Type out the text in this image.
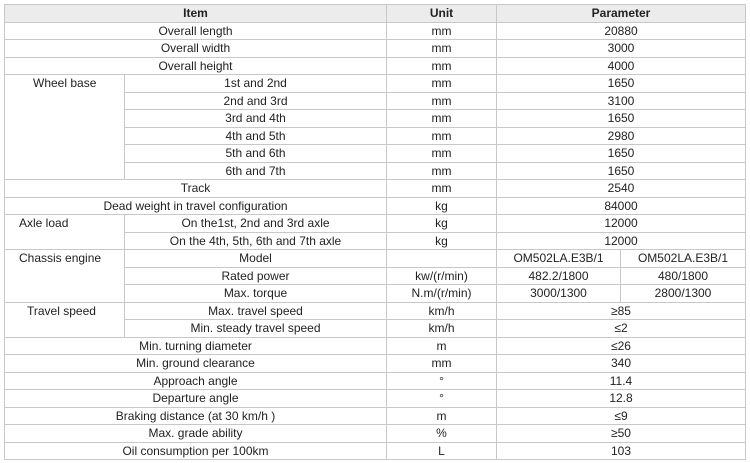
Item		Unit	Parameter	
Overall length		mm	20880	
Overall width		mm	3000	
Overall height		mm	4000	
Wheel base	1st and 2nd	mm	1650	
	2nd and 3rd	mm	3100	
	3rd and 4th	mm	1650	
	4th and 5th	mm	2980	
	5th and 6th	mm	1650	
	6th and 7th	mm	1650	
Track		mm	2540	
Dead weight in travel configuration		kg	84000	
Axle load	On the1st, 2nd and 3rd axle	kg	12000	
	On the 4th, 5th, 6th and 7th axle	kg	12000	
Chassis engine	Model		OM502LA.E3B/1	OM502LA.E3B/1
	Rated power	kw/(r/min)	482.2/1800	480/1800
	Max. torque	N.m/(r/min)	3000/1300	2800/1300
Travel speed	Max. travel speed	km/h	≥85	
	Min. steady travel speed	km/h	≤2	
Min. turning diameter		m	≤26	
Min. ground clearance		mm	340	
Approach angle		°	11.4	
Departure angle		°	12.8	
Braking distance (at 30 km/h )		m	≤9	
Max. grade ability		%	≥50	
Oil consumption per 100km		L	103	
